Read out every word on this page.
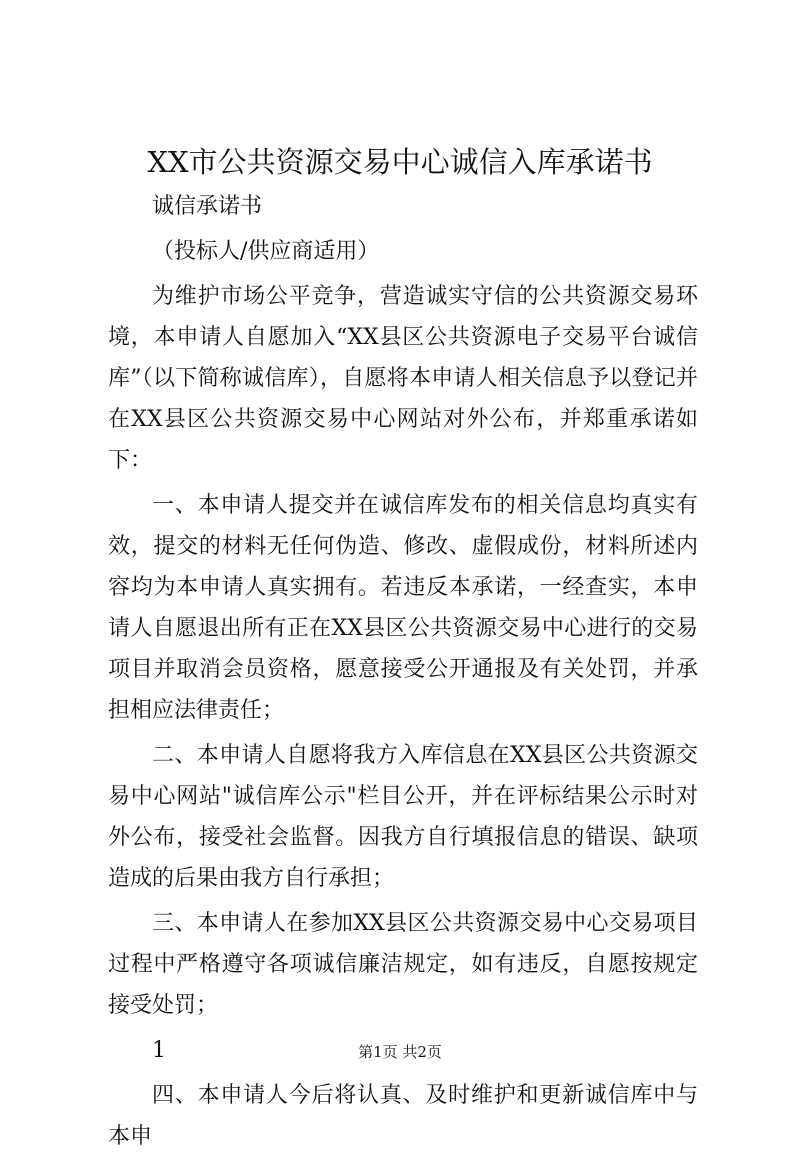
XX市公共资源交易中心诚信入库承诺书

诚信承诺书

（投标人/供应商适用）

为维护市场公平竞争，营造诚实守信的公共资源交易环境，本申请人自愿加入“XX县区公共资源电子交易平台诚信库”（以下简称诚信库），自愿将本申请人相关信息予以登记并在XX县区公共资源交易中心网站对外公布，并郑重承诺如下：

一、本申请人提交并在诚信库发布的相关信息均真实有效，提交的材料无任何伪造、修改、虚假成份，材料所述内容均为本申请人真实拥有。若违反本承诺，一经查实，本申请人自愿退出所有正在XX县区公共资源交易中心进行的交易项目并取消会员资格，愿意接受公开通报及有关处罚，并承担相应法律责任；

二、本申请人自愿将我方入库信息在XX县区公共资源交易中心网站"诚信库公示"栏目公开，并在评标结果公示时对外公布，接受社会监督。因我方自行填报信息的错误、缺项造成的后果由我方自行承担；

三、本申请人在参加XX县区公共资源交易中心交易项目过程中严格遵守各项诚信廉洁规定，如有违反，自愿按规定接受处罚；

1

四、本申请人今后将认真、及时维护和更新诚信库中与本申

第1页 共2页
